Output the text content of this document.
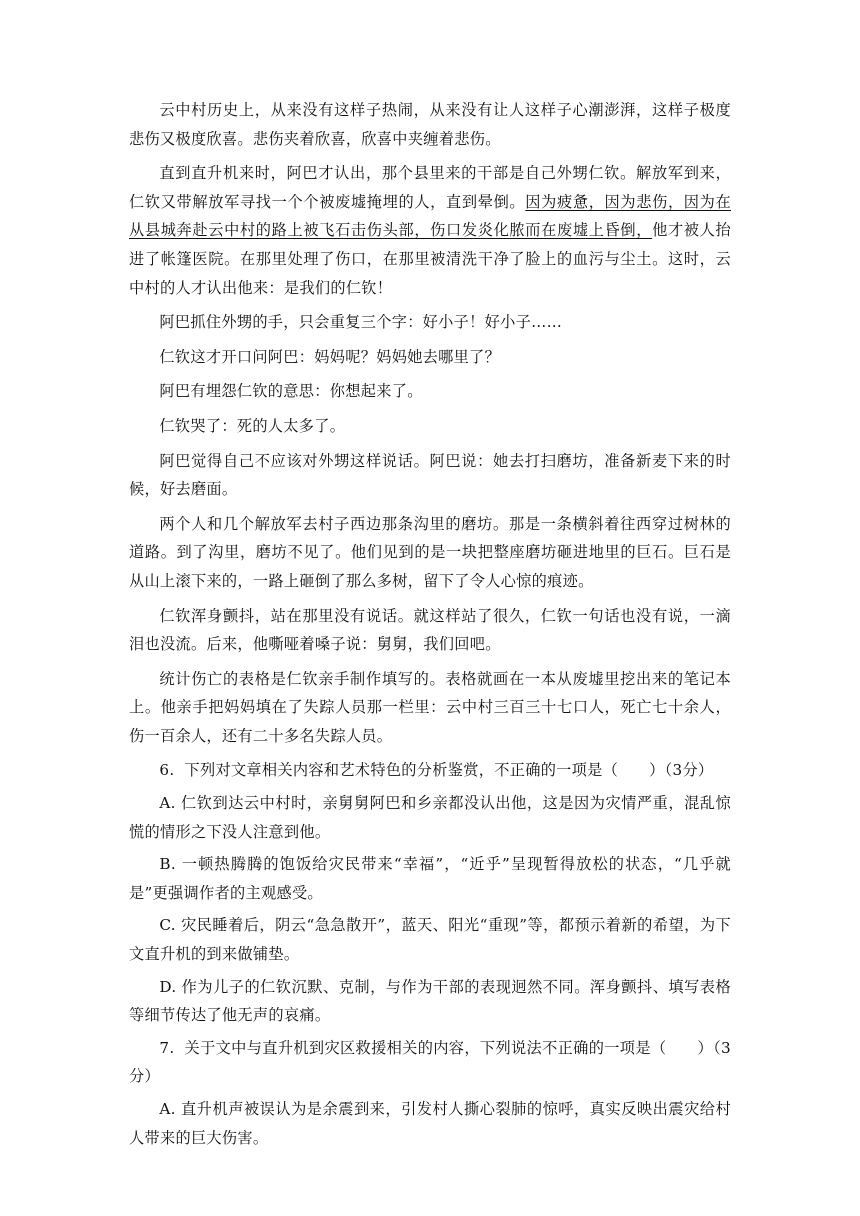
云中村历史上，从来没有这样子热闹，从来没有让人这样子心潮澎湃，这样子极度悲伤又极度欣喜。悲伤夹着欣喜，欣喜中夹缠着悲伤。

直到直升机来时，阿巴才认出，那个县里来的干部是自己外甥仁钦。解放军到来，仁钦又带解放军寻找一个个被废墟掩埋的人，直到晕倒。因为疲惫，因为悲伤，因为在从县城奔赴云中村的路上被飞石击伤头部，伤口发炎化脓而在废墟上昏倒，他才被人抬进了帐篷医院。在那里处理了伤口，在那里被清洗干净了脸上的血污与尘土。这时，云中村的人才认出他来：是我们的仁钦！

阿巴抓住外甥的手，只会重复三个字：好小子！好小子……

仁钦这才开口问阿巴：妈妈呢？妈妈她去哪里了？

阿巴有埋怨仁钦的意思：你想起来了。

仁钦哭了：死的人太多了。

阿巴觉得自己不应该对外甥这样说话。阿巴说：她去打扫磨坊，准备新麦下来的时候，好去磨面。

两个人和几个解放军去村子西边那条沟里的磨坊。那是一条横斜着往西穿过树林的道路。到了沟里，磨坊不见了。他们见到的是一块把整座磨坊砸进地里的巨石。巨石是从山上滚下来的，一路上砸倒了那么多树，留下了令人心惊的痕迹。

仁钦浑身颤抖，站在那里没有说话。就这样站了很久，仁钦一句话也没有说，一滴泪也没流。后来，他嘶哑着嗓子说：舅舅，我们回吧。

统计伤亡的表格是仁钦亲手制作填写的。表格就画在一本从废墟里挖出来的笔记本上。他亲手把妈妈填在了失踪人员那一栏里：云中村三百三十七口人，死亡七十余人，伤一百余人，还有二十多名失踪人员。

6. 下列对文章相关内容和艺术特色的分析鉴赏，不正确的一项是（　　）（3分）

A. 仁钦到达云中村时，亲舅舅阿巴和乡亲都没认出他，这是因为灾情严重，混乱惊慌的情形之下没人注意到他。

B. 一顿热腾腾的饱饭给灾民带来“幸福”，“近乎”呈现暂得放松的状态，“几乎就是”更强调作者的主观感受。

C. 灾民睡着后，阴云“急急散开”，蓝天、阳光“重现”等，都预示着新的希望，为下文直升机的到来做铺垫。

D. 作为儿子的仁钦沉默、克制，与作为干部的表现迥然不同。浑身颤抖、填写表格等细节传达了他无声的哀痛。

7. 关于文中与直升机到灾区救援相关的内容，下列说法不正确的一项是（　　）（3分）

A. 直升机声被误认为是余震到来，引发村人撕心裂肺的惊呼，真实反映出震灾给村人带来的巨大伤害。
